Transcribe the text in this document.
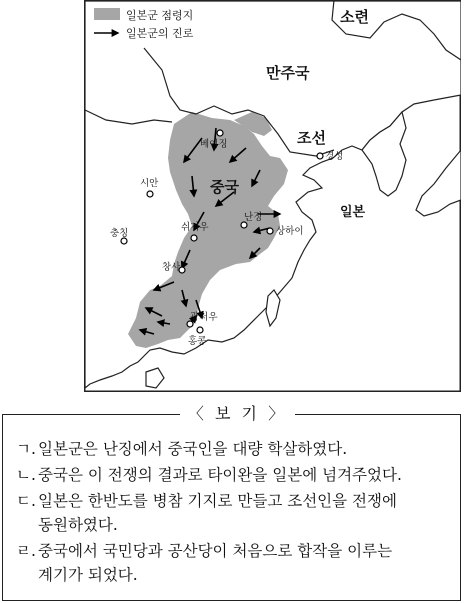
일본군 점령지
일본군의 진로
소련
만주국
조선
중국
일본
베이징
경성
시안
쉬저우
난징
상하이
충칭
창사
광저우
홍콩
〈 보 기 〉
ㄱ. 일본군은 난징에서 중국인을 대량 학살하였다.
ㄴ. 중국은 이 전쟁의 결과로 타이완을 일본에 넘겨주었다.
ㄷ. 일본은 한반도를 병참 기지로 만들고 조선인을 전쟁에
동원하였다.
ㄹ. 중국에서 국민당과 공산당이 처음으로 합작을 이루는
계기가 되었다.
